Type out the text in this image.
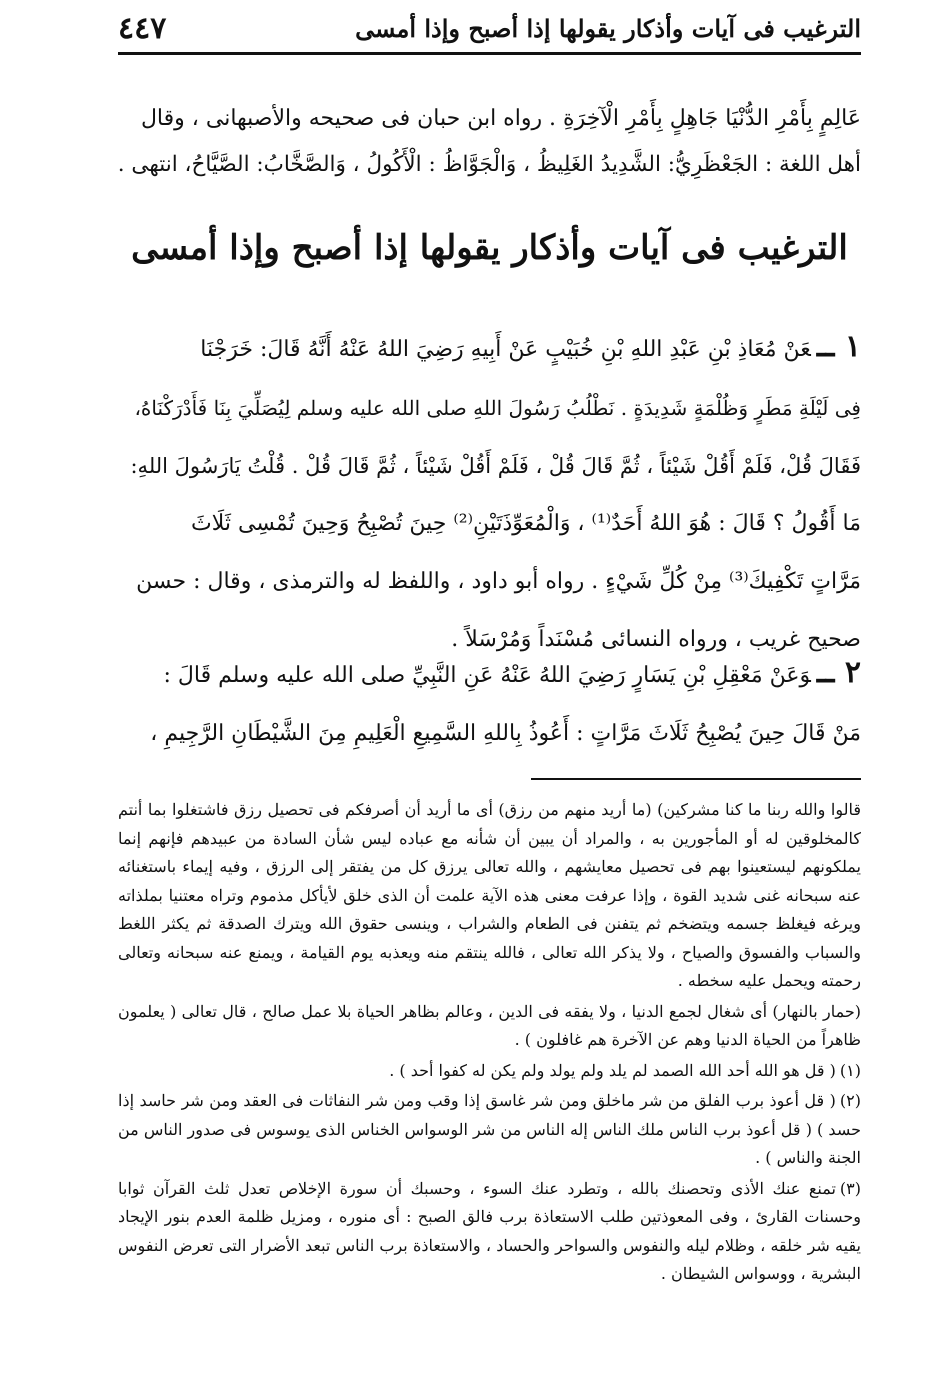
الترغيب فى آيات وأذكار يقولها إذا أصبح وإذا أمسى
٤٤٧
عَالِمٍ بِأَمْرِ الدُّنْيَا جَاهِلٍ بِأَمْرِ الْآخِرَةِ . رواه ابن حبان فى صحيحه والأصبهانى ، وقال
أهل اللغة : الجَعْظَرِيُّ: الشَّدِيدُ الغَلِيظُ ، وَالْجَوَّاظُ : الْأَكُولُ ، وَالصَّخَّابُ: الصَّيَّاحُ، انتهى .
الترغيب فى آيات وأذكار يقولها إذا أصبح وإذا أمسى
١ ــعَنْ مُعَاذِ بْنِ عَبْدِ اللهِ بْنِ خُبَيْبٍ عَنْ أَبِيهِ رَضِيَ اللهُ عَنْهُ أَنَّهُ قَالَ: خَرَجْنَا
فِى لَيْلَةِ مَطَرٍ وَظُلْمَةٍ شَدِيدَةٍ . نَطْلُبُ رَسُولَ اللهِ صلى الله عليه وسلم لِيُصَلِّيَ بِنَا فَأَدْرَكْنَاهُ،
فَقَالَ قُلْ، فَلَمْ أَقُلْ شَيْئاً ، ثُمَّ قَالَ قُلْ ، فَلَمْ أَقُلْ شَيْئاً ، ثُمَّ قَالَ قُلْ . قُلْتُ يَارَسُولَ اللهِ:
مَا أَقُولُ ؟ قَالَ : هُوَ اللهُ أَحَدٌ⁽¹⁾ ، وَالْمُعَوِّذَتَيْنِ⁽²⁾ حِينَ تُصْبِحُ وَحِينَ تُمْسِى ثَلَاثَ
مَرَّاتٍ تَكْفِيكَ⁽³⁾ مِنْ كُلِّ شَيْءٍ . رواه أبو داود ، واللفظ له والترمذى ، وقال : حسن
صحيح غريب ، ورواه النسائى مُسْنَداً وَمُرْسَلاً .
٢ ــوَعَنْ مَعْقِلِ بْنِ يَسَارٍ رَضِيَ اللهُ عَنْهُ عَنِ النَّبِيِّ صلى الله عليه وسلم قَالَ :
مَنْ قَالَ حِينَ يُصْبِحُ ثَلَاثَ مَرَّاتٍ : أَعُوذُ بِاللهِ السَّمِيعِ الْعَلِيمِ مِنَ الشَّيْطَانِ الرَّجِيمِ ،

قالوا والله ربنا ما كنا مشركين) (ما أريد منهم من رزق) أى ما أريد أن أصرفكم فى تحصيل رزق فاشتغلوا بما أنتم كالمخلوقين له أو المأجورين به ، والمراد أن يبين أن شأنه مع عباده ليس شأن السادة من عبيدهم فإنهم إنما يملكونهم ليستعينوا بهم فى تحصيل معايشهم ، والله تعالى يرزق كل من يفتقر إلى الرزق ، وفيه إيماء باستغنائه عنه سبحانه غنى شديد القوة ، وإذا عرفت معنى هذه الآية علمت أن الذى خلق لأيأكل مذموم وتراه معتنيا بملذاته ويرغه فيغلظ جسمه ويتضخم ثم يتفنن فى الطعام والشراب ، وينسى حقوق الله ويترك الصدقة ثم يكثر اللغط والسباب والفسوق والصياح ، ولا يذكر الله تعالى ، فالله ينتقم منه ويعذبه يوم القيامة ، ويمنع عنه سبحانه وتعالى رحمته ويحمل عليه سخطه .

(حمار بالنهار) أى شغال لجمع الدنيا ، ولا يفقه فى الدين ، وعالم بظاهر الحياة بلا عمل صالح ، قال تعالى ( يعلمون ظاهراً من الحياة الدنيا وهم عن الآخرة هم غافلون ) .

(١)( قل هو الله أحد الله الصمد لم يلد ولم يولد ولم يكن له كفوا أحد ) .

(٢)( قل أعوذ برب الفلق من شر ماخلق ومن شر غاسق إذا وقب ومن شر النفاثات فى العقد ومن شر حاسد إذا حسد ) ( قل أعوذ برب الناس ملك الناس إله الناس من شر الوسواس الخناس الذى يوسوس فى صدور الناس من الجنة والناس ) .

(٣)تمنع عنك الأذى وتحصنك بالله ، وتطرد عنك السوء ، وحسبك أن سورة الإخلاص تعدل ثلث القرآن ثوابا وحسنات القارئ ، وفى المعوذتين طلب الاستعاذة برب فالق الصبح : أى منوره ، ومزيل ظلمة العدم بنور الإيجاد يقيه شر خلقه ، وظلام ليله والنفوس والسواحر والحساد ، والاستعاذة برب الناس تبعد الأضرار التى تعرض النفوس البشرية ، ووسواس الشيطان .
